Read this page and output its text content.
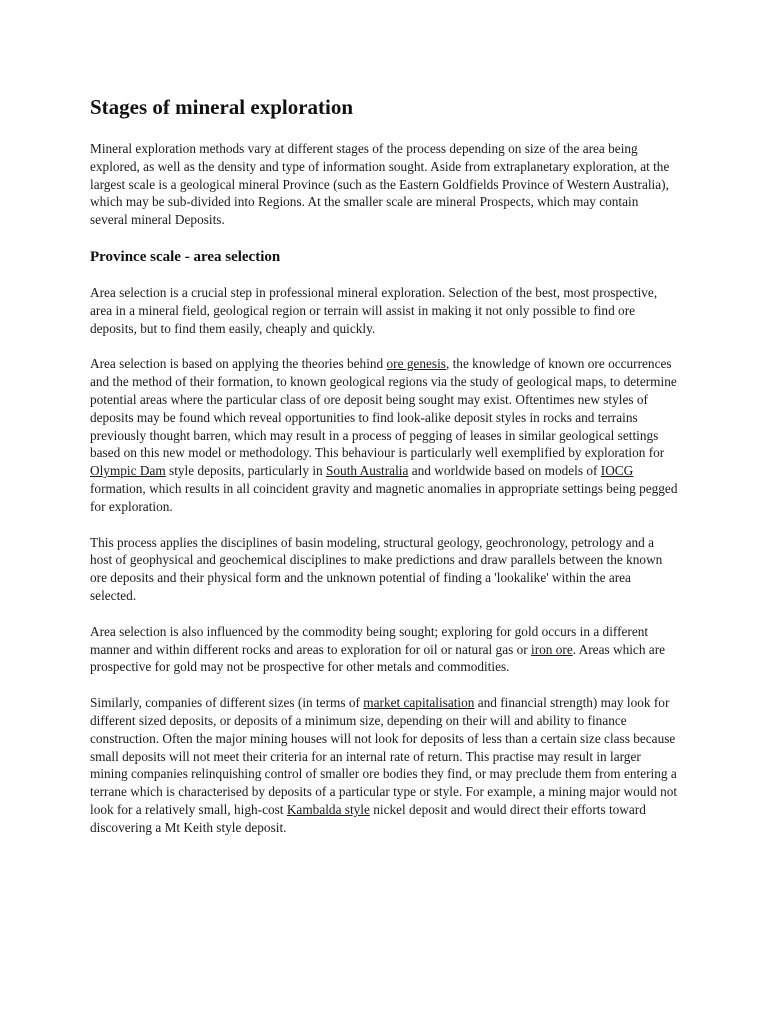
Stages of mineral exploration

Mineral exploration methods vary at different stages of the process depending on size of the area being explored, as well as the density and type of information sought. Aside from extraplanetary exploration, at the largest scale is a geological mineral Province (such as the Eastern Goldfields Province of Western Australia), which may be sub-divided into Regions. At the smaller scale are mineral Prospects, which may contain several mineral Deposits.

Province scale - area selection

Area selection is a crucial step in professional mineral exploration. Selection of the best, most prospective, area in a mineral field, geological region or terrain will assist in making it not only possible to find ore deposits, but to find them easily, cheaply and quickly.

Area selection is based on applying the theories behind ore genesis, the knowledge of known ore occurrences and the method of their formation, to known geological regions via the study of geological maps, to determine potential areas where the particular class of ore deposit being sought may exist. Oftentimes new styles of deposits may be found which reveal opportunities to find look-alike deposit styles in rocks and terrains previously thought barren, which may result in a process of pegging of leases in similar geological settings based on this new model or methodology. This behaviour is particularly well exemplified by exploration for Olympic Dam style deposits, particularly in South Australia and worldwide based on models of IOCG formation, which results in all coincident gravity and magnetic anomalies in appropriate settings being pegged for exploration.

This process applies the disciplines of basin modeling, structural geology, geochronology, petrology and a host of geophysical and geochemical disciplines to make predictions and draw parallels between the known ore deposits and their physical form and the unknown potential of finding a 'lookalike' within the area selected.

Area selection is also influenced by the commodity being sought; exploring for gold occurs in a different manner and within different rocks and areas to exploration for oil or natural gas or iron ore. Areas which are prospective for gold may not be prospective for other metals and commodities.

Similarly, companies of different sizes (in terms of market capitalisation and financial strength) may look for different sized deposits, or deposits of a minimum size, depending on their will and ability to finance construction. Often the major mining houses will not look for deposits of less than a certain size class because small deposits will not meet their criteria for an internal rate of return. This practise may result in larger mining companies relinquishing control of smaller ore bodies they find, or may preclude them from entering a terrane which is characterised by deposits of a particular type or style. For example, a mining major would not look for a relatively small, high-cost Kambalda style nickel deposit and would direct their efforts toward discovering a Mt Keith style deposit.
